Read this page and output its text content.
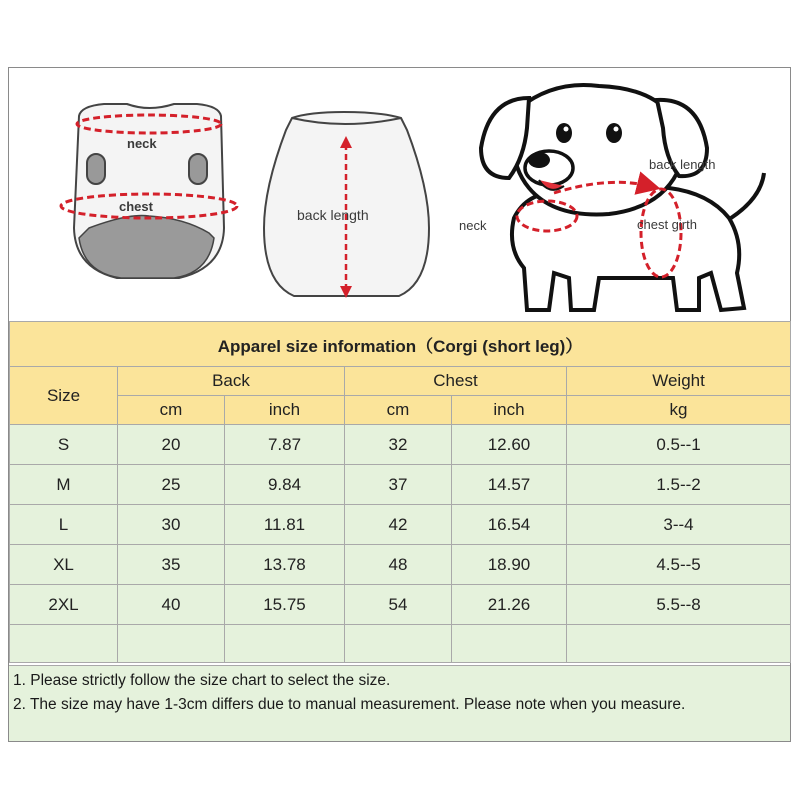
neck
chest
back length
back length
neck	chest girth
Apparel size information（Corgi (short leg)）					
Size	Back		Chest		Weight
	cm	inch	cm	inch	kg
S	20	7.87	32	12.60	0.5--1
M	25	9.84	37	14.57	1.5--2
L	30	11.81	42	16.54	3--4
XL	35	13.78	48	18.90	4.5--5
2XL	40	15.75	54	21.26	5.5--8

1. Please strictly follow the size chart to select the size.
2. The size may have 1-3cm differs due to manual measurement. Please note when you measure.
